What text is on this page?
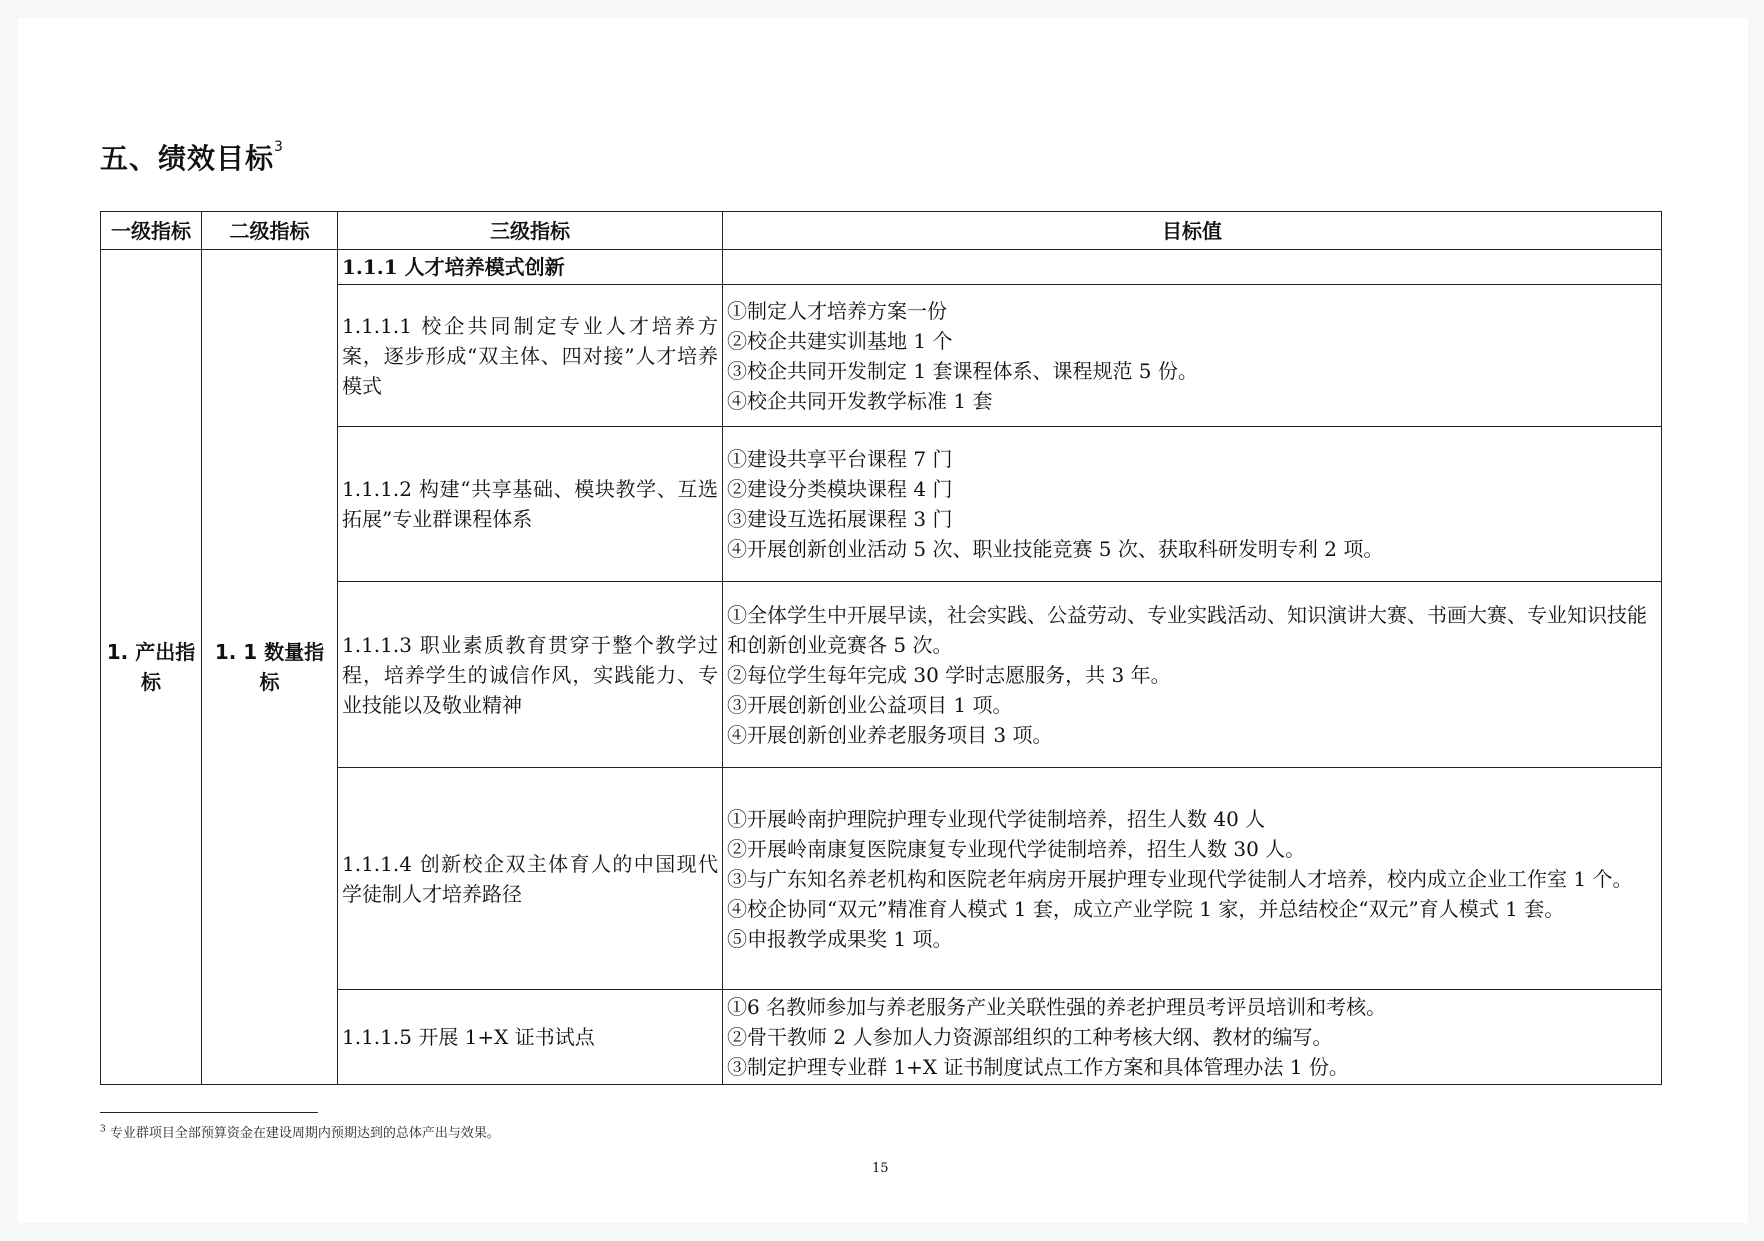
五、绩效目标$^3$
一级指标	二级指标	三级指标	目标值
1. 产出指标	1. 1 数量指标	1.1.1 人才培养模式创新	
		1.1.1.1 校企共同制定专业人才培养方案，逐步形成“双主体、四对接”人才培养模式	①制定人才培养方案一份
②校企共建实训基地 1 个
③校企共同开发制定 1 套课程体系、课程规范 5 份。
④校企共同开发教学标准 1 套

		1.1.1.2 构建“共享基础、模块教学、互选拓展”专业群课程体系	①建设共享平台课程 7 门
②建设分类模块课程 4 门
③建设互选拓展课程 3 门
④开展创新创业活动 5 次、职业技能竞赛 5 次、获取科研发明专利 2 项。

		1.1.1.3 职业素质教育贯穿于整个教学过程，培养学生的诚信作风，实践能力、专业技能以及敬业精神	①全体学生中开展早读，社会实践、公益劳动、专业实践活动、知识演讲大赛、书画大赛、专业知识技能和创新创业竞赛各 5 次。
②每位学生每年完成 30 学时志愿服务，共 3 年。
③开展创新创业公益项目 1 项。
④开展创新创业养老服务项目 3 项。

		1.1.1.4 创新校企双主体育人的中国现代学徒制人才培养路径	①开展岭南护理院护理专业现代学徒制培养，招生人数 40 人
②开展岭南康复医院康复专业现代学徒制培养，招生人数 30 人。
③与广东知名养老机构和医院老年病房开展护理专业现代学徒制人才培养，校内成立企业工作室 1 个。
④校企协同“双元”精准育人模式 1 套，成立产业学院 1 家，并总结校企“双元”育人模式 1 套。
⑤申报教学成果奖 1 项。

		1.1.1.5 开展 1+X 证书试点	①6 名教师参加与养老服务产业关联性强的养老护理员考评员培训和考核。
②骨干教师 2 人参加人力资源部组织的工种考核大纲、教材的编写。
③制定护理专业群 1+X 证书制度试点工作方案和具体管理办法 1 份。
$^3$ 专业群项目全部预算资金在建设周期内预期达到的总体产出与效果。
15
